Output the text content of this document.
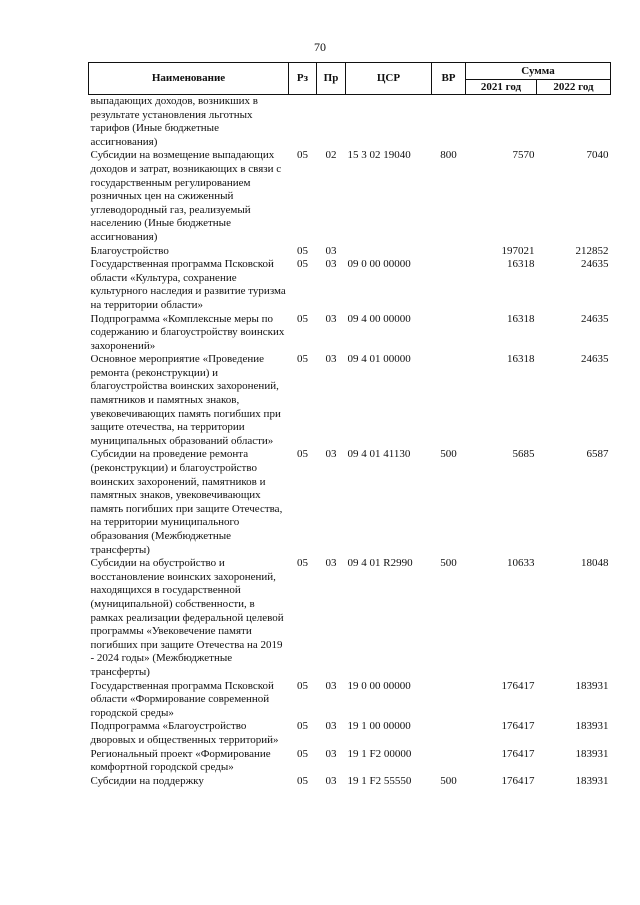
70
Наименование	Рз	Пр	ЦСР	ВР	Сумма	
					2021 год	2022 год
выпадающих доходов, возникших в результате установления льготных тарифов (Иные бюджетные ассигнования)						
Субсидии на возмещение выпадающих доходов и затрат, возникающих в связи с государственным регулированием розничных цен на сжиженный углеводородный газ, реализуемый населению (Иные бюджетные ассигнования)	05	02	15 3 02 19040	800	7570	7040
Благоустройство	05	03			197021	212852
Государственная программа Псковской области «Культура, сохранение культурного наследия и развитие туризма на территории области»	05	03	09 0 00 00000		16318	24635
Подпрограмма «Комплексные меры по содержанию и благоустройству воинских захоронений»	05	03	09 4 00 00000		16318	24635
Основное мероприятие «Проведение ремонта (реконструкции) и благоустройства воинских захоронений, памятников и памятных знаков, увековечивающих память погибших при защите отечества, на территории муниципальных образований области»	05	03	09 4 01 00000		16318	24635
Субсидии на проведение ремонта (реконструкции) и благоустройство воинских захоронений, памятников и памятных знаков, увековечивающих память погибших при защите Отечества, на территории муниципального образования (Межбюджетные трансферты)	05	03	09 4 01 41130	500	5685	6587
Субсидии на обустройство и восстановление воинских захоронений, находящихся в государственной (муниципальной) собственности, в рамках реализации федеральной целевой программы «Увековечение памяти погибших при защите Отечества на 2019 - 2024 годы» (Межбюджетные трансферты)	05	03	09 4 01 R2990	500	10633	18048
Государственная программа Псковской области «Формирование современной городской среды»	05	03	19 0 00 00000		176417	183931
Подпрограмма «Благоустройство дворовых и общественных территорий»	05	03	19 1 00 00000		176417	183931
Региональный проект «Формирование комфортной городской среды»	05	03	19 1 F2 00000		176417	183931
Субсидии на поддержку	05	03	19 1 F2 55550	500	176417	183931
